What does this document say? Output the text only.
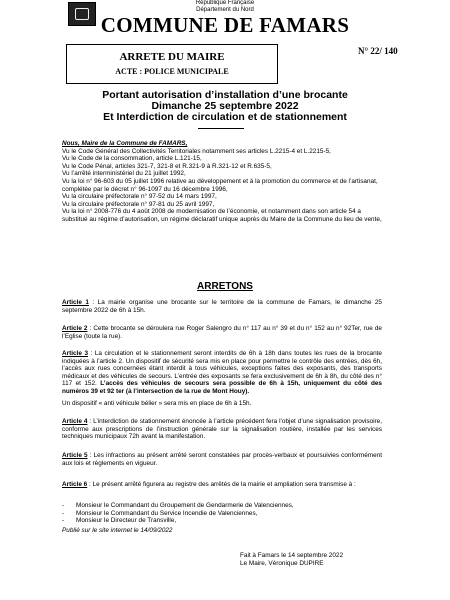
République Française
Département du Nord
COMMUNE DE FAMARS
ARRETE DU MAIRE
ACTE : POLICE MUNICIPALE
N° 22/ 140
Portant autorisation d’installation d’une brocante
Dimanche 25 septembre 2022
Et Interdiction de circulation et de stationnement
Nous, Maire de la Commune de FAMARS,
Vu le Code Général des Collectivités Territoriales notamment ses articles L.2215-4 et L.2215-5,
Vu le Code de la consommation, article L.121-15,
Vu le Code Pénal, articles 321-7, 321-8 et R.321-9 à R.321-12 et R.635-5,
Vu l’arrêté interministériel du 21 juillet 1992,
Vu la loi n° 96-603 du 05 juillet 1996 relative au développement et à la promotion du commerce et de l’artisanat, complétée par le décret n° 96-1097 du 16 décembre 1996,
Vu la circulaire préfectorale n° 97-52 du 14 mars 1997,
Vu la circulaire préfectorale n° 97-81 du 25 avril 1997,
Vu la loi n° 2008-776 du 4 août 2008 de modernisation de l’économie, et notamment dans son article 54 a substitué au régime d’autorisation, un régime déclaratif unique auprès du Maire de la Commune du lieu de vente,
ARRETONS
Article 1 : La mairie organise une brocante sur le territoire de la commune de Famars, le dimanche 25 septembre 2022 de 6h à 15h.
Article 2 : Cette brocante se déroulera rue Roger Salengro du n° 117 au n° 39 et du n° 152 au n° 92Ter, rue de l’Eglise (toute la rue).
Article 3 : La circulation et le stationnement seront interdits de 6h à 18h dans toutes les rues de la brocante indiquées à l’article 2. Un dispositif de sécurité sera mis en place pour permettre le contrôle des entrées, dès 6h, l’accès aux rues concernées étant interdit à tous véhicules, exceptions faites des exposants, des transports médicaux et des véhicules de secours. L’entrée des exposants se fera exclusivement de 6h à 8h, du côté des n° 117 et 152. L’accès des véhicules de secours sera possible de 6h à 15h, uniquement du côté des numéros 39 et 92 ter (à l’intersection de la rue de Mont Houy).
Un dispositif « anti véhicule bélier » sera mis en place de 6h à 15h.
Article 4 : L’interdiction de stationnement énoncée à l’article précédent fera l’objet d’une signalisation provisoire, conforme aux prescriptions de l’instruction générale sur la signalisation routière, installée par les services techniques municipaux 72h avant la manifestation.
Article 5 : Les infractions au présent arrêté seront constatées par procès-verbaux et poursuivies conformément aux lois et règlements en vigueur.
Article 6 : Le présent arrêté figurera au registre des arrêtés de la mairie et ampliation sera transmise à :
- Monsieur le Commandant du Groupement de Gendarmerie de Valenciennes,
- Monsieur le Commandant du Service Incendie de Valenciennes,
- Monsieur le Directeur de Transville,
Publié sur le site internet le 14/09/2022
Fait à Famars le 14 septembre 2022
Le Maire, Véronique DUPIRE
